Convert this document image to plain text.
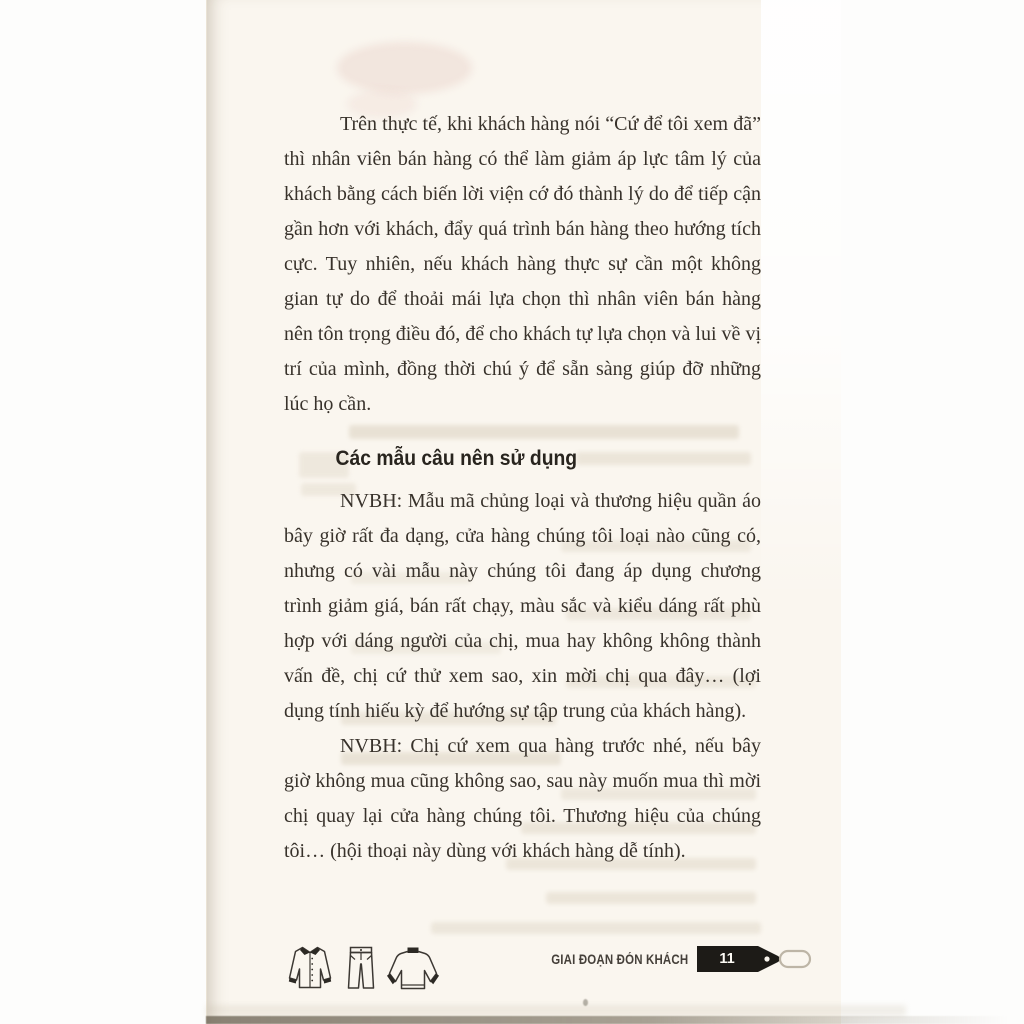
Trên thực tế, khi khách hàng nói “Cứ để tôi xem đã” thì nhân viên bán hàng có thể làm giảm áp lực tâm lý của khách bằng cách biến lời viện cớ đó thành lý do để tiếp cận gần hơn với khách, đẩy quá trình bán hàng theo hướng tích cực. Tuy nhiên, nếu khách hàng thực sự cần một không gian tự do để thoải mái lựa chọn thì nhân viên bán hàng nên tôn trọng điều đó, để cho khách tự lựa chọn và lui về vị trí của mình, đồng thời chú ý để sẵn sàng giúp đỡ những lúc họ cần.

Các mẫu câu nên sử dụng

NVBH: Mẫu mã chủng loại và thương hiệu quần áo bây giờ rất đa dạng, cửa hàng chúng tôi loại nào cũng có, nhưng có vài mẫu này chúng tôi đang áp dụng chương trình giảm giá, bán rất chạy, màu sắc và kiểu dáng rất phù hợp với dáng người của chị, mua hay không không thành vấn đề, chị cứ thử xem sao, xin mời chị qua đây… (lợi dụng tính hiếu kỳ để hướng sự tập trung của khách hàng).

NVBH: Chị cứ xem qua hàng trước nhé, nếu bây giờ không mua cũng không sao, sau này muốn mua thì mời chị quay lại cửa hàng chúng tôi. Thương hiệu của chúng tôi… (hội thoại này dùng với khách hàng dễ tính).

GIAI ĐOẠN ĐÓN KHÁCH	11
